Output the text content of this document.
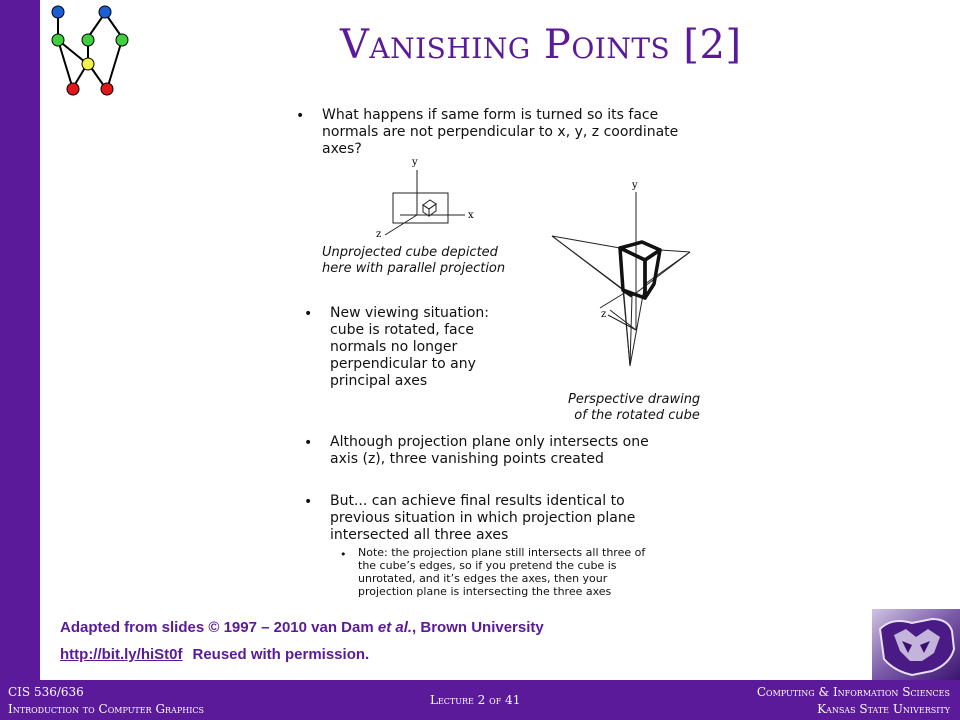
Vanishing Points [2]
• What happens if same form is turned so its face
normals are not perpendicular to x, y, z coordinate
axes?
y
x
z
Unprojected cube depicted
here with parallel projection
y
z
• New viewing situation:
cube is rotated, face
normals no longer
perpendicular to any
principal axes
Perspective drawing
of the rotated cube
• Although projection plane only intersects one
axis (z), three vanishing points created
• But... can achieve final results identical to
previous situation in which projection plane
intersected all three axes
• Note: the projection plane still intersects all three of
the cube’s edges, so if you pretend the cube is
unrotated, and it’s edges the axes, then your
projection plane is intersecting the three axes
Adapted from slides © 1997 – 2010 van Dam et al., Brown University
http://bit.ly/hiSt0f Reused with permission.
CIS 536/636
Introduction to Computer Graphics
Lecture 2 of 41
Computing & Information Sciences
Kansas State University
